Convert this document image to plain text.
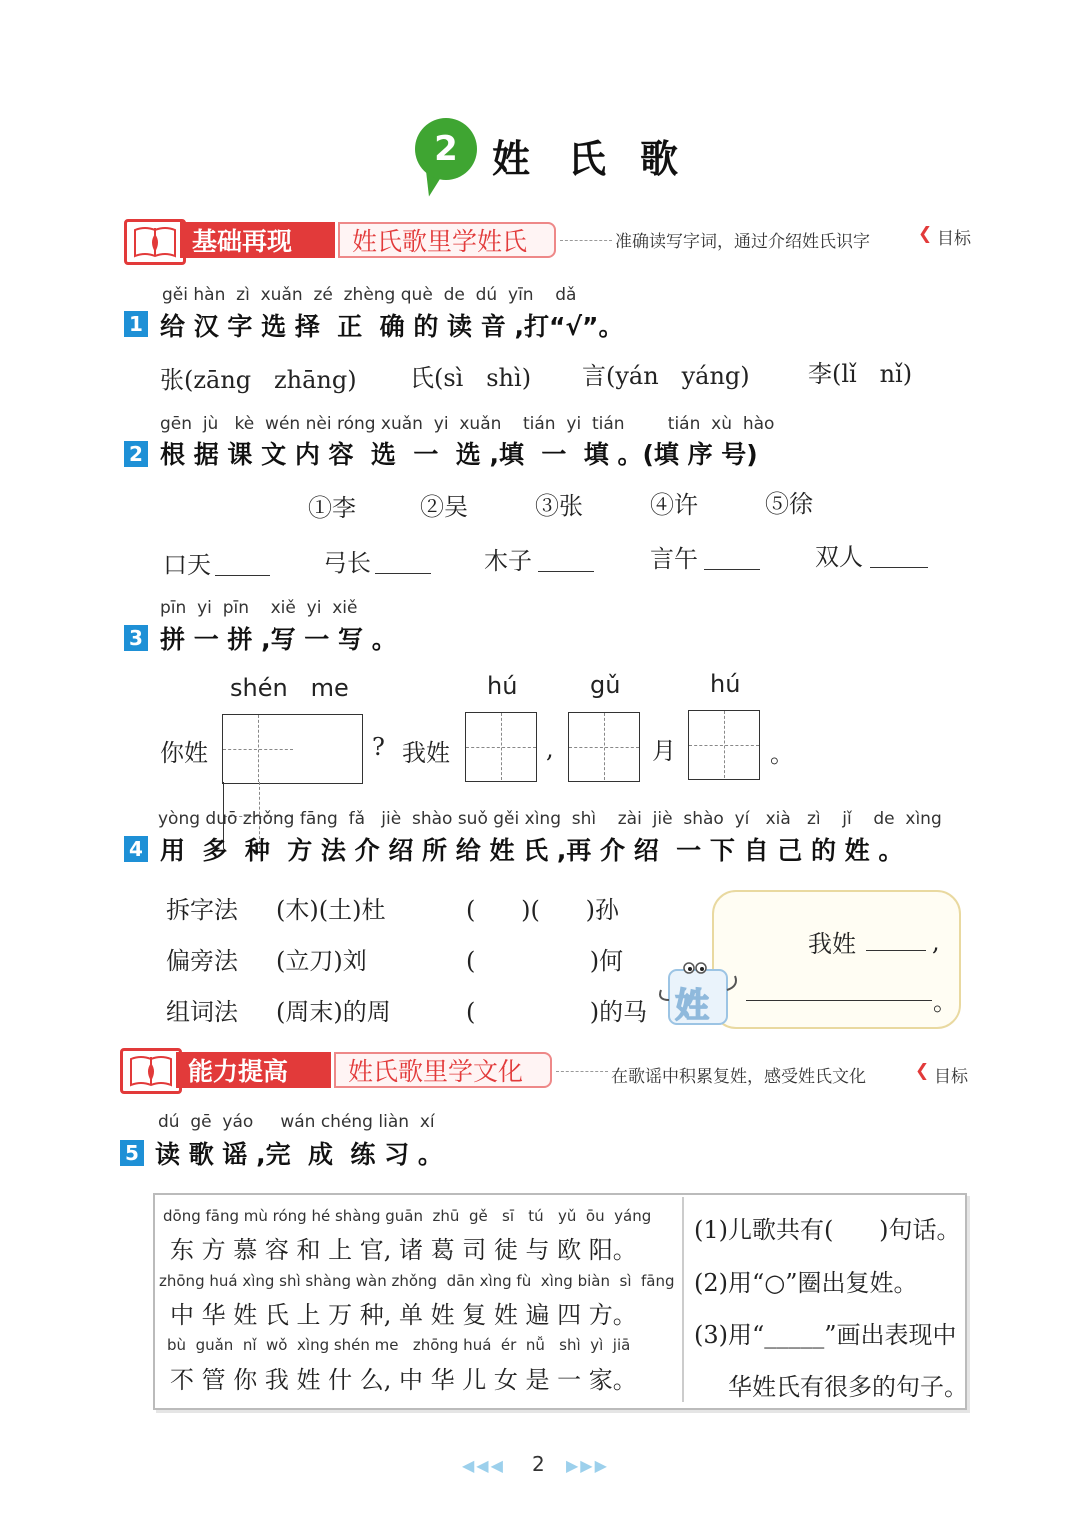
2 姓 氏 歌
基础再现	姓氏歌里学姓氏	准确读写字词，通过介绍姓氏识字	❮ 目标
gěi hàn  zì  xuǎn  zé  zhèng què  de  dú  yīn    dǎ
1 给 汉 字 选 择  正  确 的 读 音 ,打“√”。
张(zāng   zhāng) 氏(sì   shì) 言(yán   yáng) 李(lǐ   nǐ)
gēn  jù   kè  wén nèi róng xuǎn  yi  xuǎn    tián  yi  tián        tián  xù  hào
2 根 据 课 文 内 容  选  一  选 ,填  一  填 。(填 序 号)
①李	②吴	③张	④许	⑤徐
口天	弓长	木子	言午	双人
pīn  yi  pīn    xiě  yi  xiě
3 拼 一 拼 ,写 一 写 。
shén   me	hú	gǔ	hú
你姓	? 我姓	,	月	。
yòng duō zhǒng fāng  fǎ   jiè  shào suǒ gěi xìng  shì    zài  jiè  shào  yí   xià   zì    jǐ    de  xìng
4 用  多  种  方 法 介 绍 所 给 姓 氏 ,再 介 绍  一 下 自 己 的 姓 。
拆字法 (木)(土)杜	(      )(      )孙
偏旁法 (立刀)刘	(               )何
组词法 (周末)的周	(               )的马
我姓	,
。
姓
能力提高	姓氏歌里学文化	在歌谣中积累复姓，感受姓氏文化	❮ 目标
dú  gē  yáo     wán chéng liàn  xí
5 读 歌 谣 ,完  成  练 习 。
dōng fāng mù róng hé shàng guān  zhū  gě   sī   tú   yǔ  ōu  yáng
东 方 慕 容 和 上 官, 诸 葛 司 徒 与 欧 阳。
zhōng huá xìng shì shàng wàn zhǒng  dān xìng fù  xìng biàn  sì  fāng
中 华 姓 氏 上 万 种, 单 姓 复 姓 遍 四 方。
bù  guǎn  nǐ  wǒ  xìng shén me   zhōng huá  ér  nǚ   shì  yì  jiā
不 管 你 我 姓 什 么, 中 华 儿 女 是 一 家。
(1)儿歌共有(      )句话。
(2)用“○”圈出复姓。
(3)用“_____”画出表现中
华姓氏有很多的句子。
◀◀◀ 2 ▶▶▶
